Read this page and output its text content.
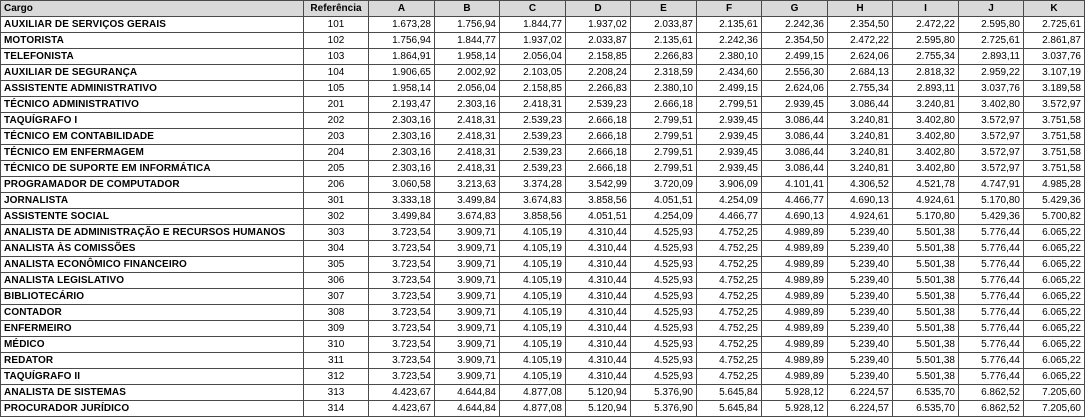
Cargo	Referência	A	B	C	D	E	F	G	H	I	J	K
AUXILIAR DE SERVIÇOS GERAIS	101	1.673,28	1.756,94	1.844,77	1.937,02	2.033,87	2.135,61	2.242,36	2.354,50	2.472,22	2.595,80	2.725,61
MOTORISTA	102	1.756,94	1.844,77	1.937,02	2.033,87	2.135,61	2.242,36	2.354,50	2.472,22	2.595,80	2.725,61	2.861,87
TELEFONISTA	103	1.864,91	1.958,14	2.056,04	2.158,85	2.266,83	2.380,10	2.499,15	2.624,06	2.755,34	2.893,11	3.037,76
AUXILIAR DE SEGURANÇA	104	1.906,65	2.002,92	2.103,05	2.208,24	2.318,59	2.434,60	2.556,30	2.684,13	2.818,32	2.959,22	3.107,19
ASSISTENTE ADMINISTRATIVO	105	1.958,14	2.056,04	2.158,85	2.266,83	2.380,10	2.499,15	2.624,06	2.755,34	2.893,11	3.037,76	3.189,58
TÉCNICO ADMINISTRATIVO	201	2.193,47	2.303,16	2.418,31	2.539,23	2.666,18	2.799,51	2.939,45	3.086,44	3.240,81	3.402,80	3.572,97
TAQUÍGRAFO I	202	2.303,16	2.418,31	2.539,23	2.666,18	2.799,51	2.939,45	3.086,44	3.240,81	3.402,80	3.572,97	3.751,58
TÉCNICO EM CONTABILIDADE	203	2.303,16	2.418,31	2.539,23	2.666,18	2.799,51	2.939,45	3.086,44	3.240,81	3.402,80	3.572,97	3.751,58
TÉCNICO EM ENFERMAGEM	204	2.303,16	2.418,31	2.539,23	2.666,18	2.799,51	2.939,45	3.086,44	3.240,81	3.402,80	3.572,97	3.751,58
TÉCNICO DE SUPORTE EM INFORMÁTICA	205	2.303,16	2.418,31	2.539,23	2.666,18	2.799,51	2.939,45	3.086,44	3.240,81	3.402,80	3.572,97	3.751,58
PROGRAMADOR DE COMPUTADOR	206	3.060,58	3.213,63	3.374,28	3.542,99	3.720,09	3.906,09	4.101,41	4.306,52	4.521,78	4.747,91	4.985,28
JORNALISTA	301	3.333,18	3.499,84	3.674,83	3.858,56	4.051,51	4.254,09	4.466,77	4.690,13	4.924,61	5.170,80	5.429,36
ASSISTENTE SOCIAL	302	3.499,84	3.674,83	3.858,56	4.051,51	4.254,09	4.466,77	4.690,13	4.924,61	5.170,80	5.429,36	5.700,82
ANALISTA DE ADMINISTRAÇÃO E RECURSOS HUMANOS	303	3.723,54	3.909,71	4.105,19	4.310,44	4.525,93	4.752,25	4.989,89	5.239,40	5.501,38	5.776,44	6.065,22
ANALISTA ÀS COMISSÕES	304	3.723,54	3.909,71	4.105,19	4.310,44	4.525,93	4.752,25	4.989,89	5.239,40	5.501,38	5.776,44	6.065,22
ANALISTA ECONÔMICO FINANCEIRO	305	3.723,54	3.909,71	4.105,19	4.310,44	4.525,93	4.752,25	4.989,89	5.239,40	5.501,38	5.776,44	6.065,22
ANALISTA LEGISLATIVO	306	3.723,54	3.909,71	4.105,19	4.310,44	4.525,93	4.752,25	4.989,89	5.239,40	5.501,38	5.776,44	6.065,22
BIBLIOTECÁRIO	307	3.723,54	3.909,71	4.105,19	4.310,44	4.525,93	4.752,25	4.989,89	5.239,40	5.501,38	5.776,44	6.065,22
CONTADOR	308	3.723,54	3.909,71	4.105,19	4.310,44	4.525,93	4.752,25	4.989,89	5.239,40	5.501,38	5.776,44	6.065,22
ENFERMEIRO	309	3.723,54	3.909,71	4.105,19	4.310,44	4.525,93	4.752,25	4.989,89	5.239,40	5.501,38	5.776,44	6.065,22
MÉDICO	310	3.723,54	3.909,71	4.105,19	4.310,44	4.525,93	4.752,25	4.989,89	5.239,40	5.501,38	5.776,44	6.065,22
REDATOR	311	3.723,54	3.909,71	4.105,19	4.310,44	4.525,93	4.752,25	4.989,89	5.239,40	5.501,38	5.776,44	6.065,22
TAQUÍGRAFO II	312	3.723,54	3.909,71	4.105,19	4.310,44	4.525,93	4.752,25	4.989,89	5.239,40	5.501,38	5.776,44	6.065,22
ANALISTA DE SISTEMAS	313	4.423,67	4.644,84	4.877,08	5.120,94	5.376,90	5.645,84	5.928,12	6.224,57	6.535,70	6.862,52	7.205,60
PROCURADOR JURÍDICO	314	4.423,67	4.644,84	4.877,08	5.120,94	5.376,90	5.645,84	5.928,12	6.224,57	6.535,70	6.862,52	7.205,60
